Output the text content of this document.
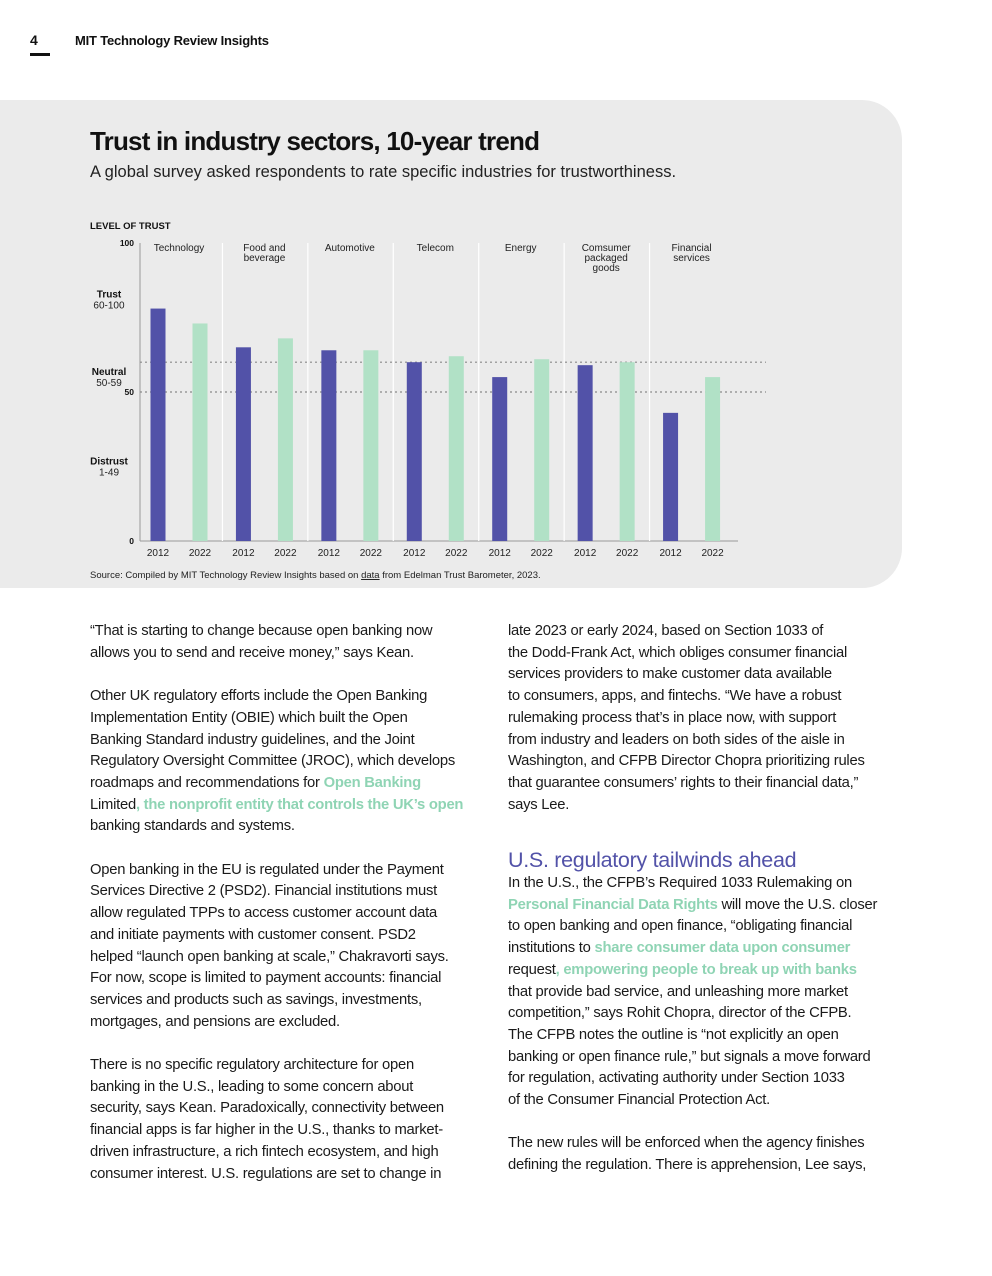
4	MIT Technology Review Insights
Trust in industry sectors, 10-year trend
A global survey asked respondents to rate specific industries for trustworthiness.
LEVEL OF TRUST
100
50
0
Trust
60-100
Neutral
50-59
Distrust
1-49
Technology
2012 2022
Food and
beverage
2012 2022
Automotive
2012 2022
Telecom
2012 2022
Energy
2012 2022
Comsumer
packaged
goods
2012 2022
Financial
services
2012 2022
Source: Compiled by MIT Technology Review Insights based on data from Edelman Trust Barometer, 2023.

“That is starting to change because open banking now
allows you to send and receive money,” says Kean.

Other UK regulatory efforts include the Open Banking
Implementation Entity (OBIE) which built the Open
Banking Standard industry guidelines, and the Joint
Regulatory Oversight Committee (JROC), which develops
roadmaps and recommendations for Open Banking
Limited, the nonprofit entity that controls the UK’s open
banking standards and systems.

Open banking in the EU is regulated under the Payment
Services Directive 2 (PSD2). Financial institutions must
allow regulated TPPs to access customer account data
and initiate payments with customer consent. PSD2
helped “launch open banking at scale,” Chakravorti says.
For now, scope is limited to payment accounts: financial
services and products such as savings, investments,
mortgages, and pensions are excluded.

There is no specific regulatory architecture for open
banking in the U.S., leading to some concern about
security, says Kean. Paradoxically, connectivity between
financial apps is far higher in the U.S., thanks to market-
driven infrastructure, a rich fintech ecosystem, and high
consumer interest. U.S. regulations are set to change in

late 2023 or early 2024, based on Section 1033 of
the Dodd-Frank Act, which obliges consumer financial
services providers to make customer data available
to consumers, apps, and fintechs. “We have a robust
rulemaking process that’s in place now, with support
from industry and leaders on both sides of the aisle in
Washington, and CFPB Director Chopra prioritizing rules
that guarantee consumers’ rights to their financial data,”
says Lee.

U.S. regulatory tailwinds ahead

In the U.S., the CFPB’s Required 1033 Rulemaking on
Personal Financial Data Rights will move the U.S. closer
to open banking and open finance, “obligating financial
institutions to share consumer data upon consumer
request, empowering people to break up with banks
that provide bad service, and unleashing more market
competition,” says Rohit Chopra, director of the CFPB.
The CFPB notes the outline is “not explicitly an open
banking or open finance rule,” but signals a move forward
for regulation, activating authority under Section 1033
of the Consumer Financial Protection Act.

The new rules will be enforced when the agency finishes
defining the regulation. There is apprehension, Lee says,
